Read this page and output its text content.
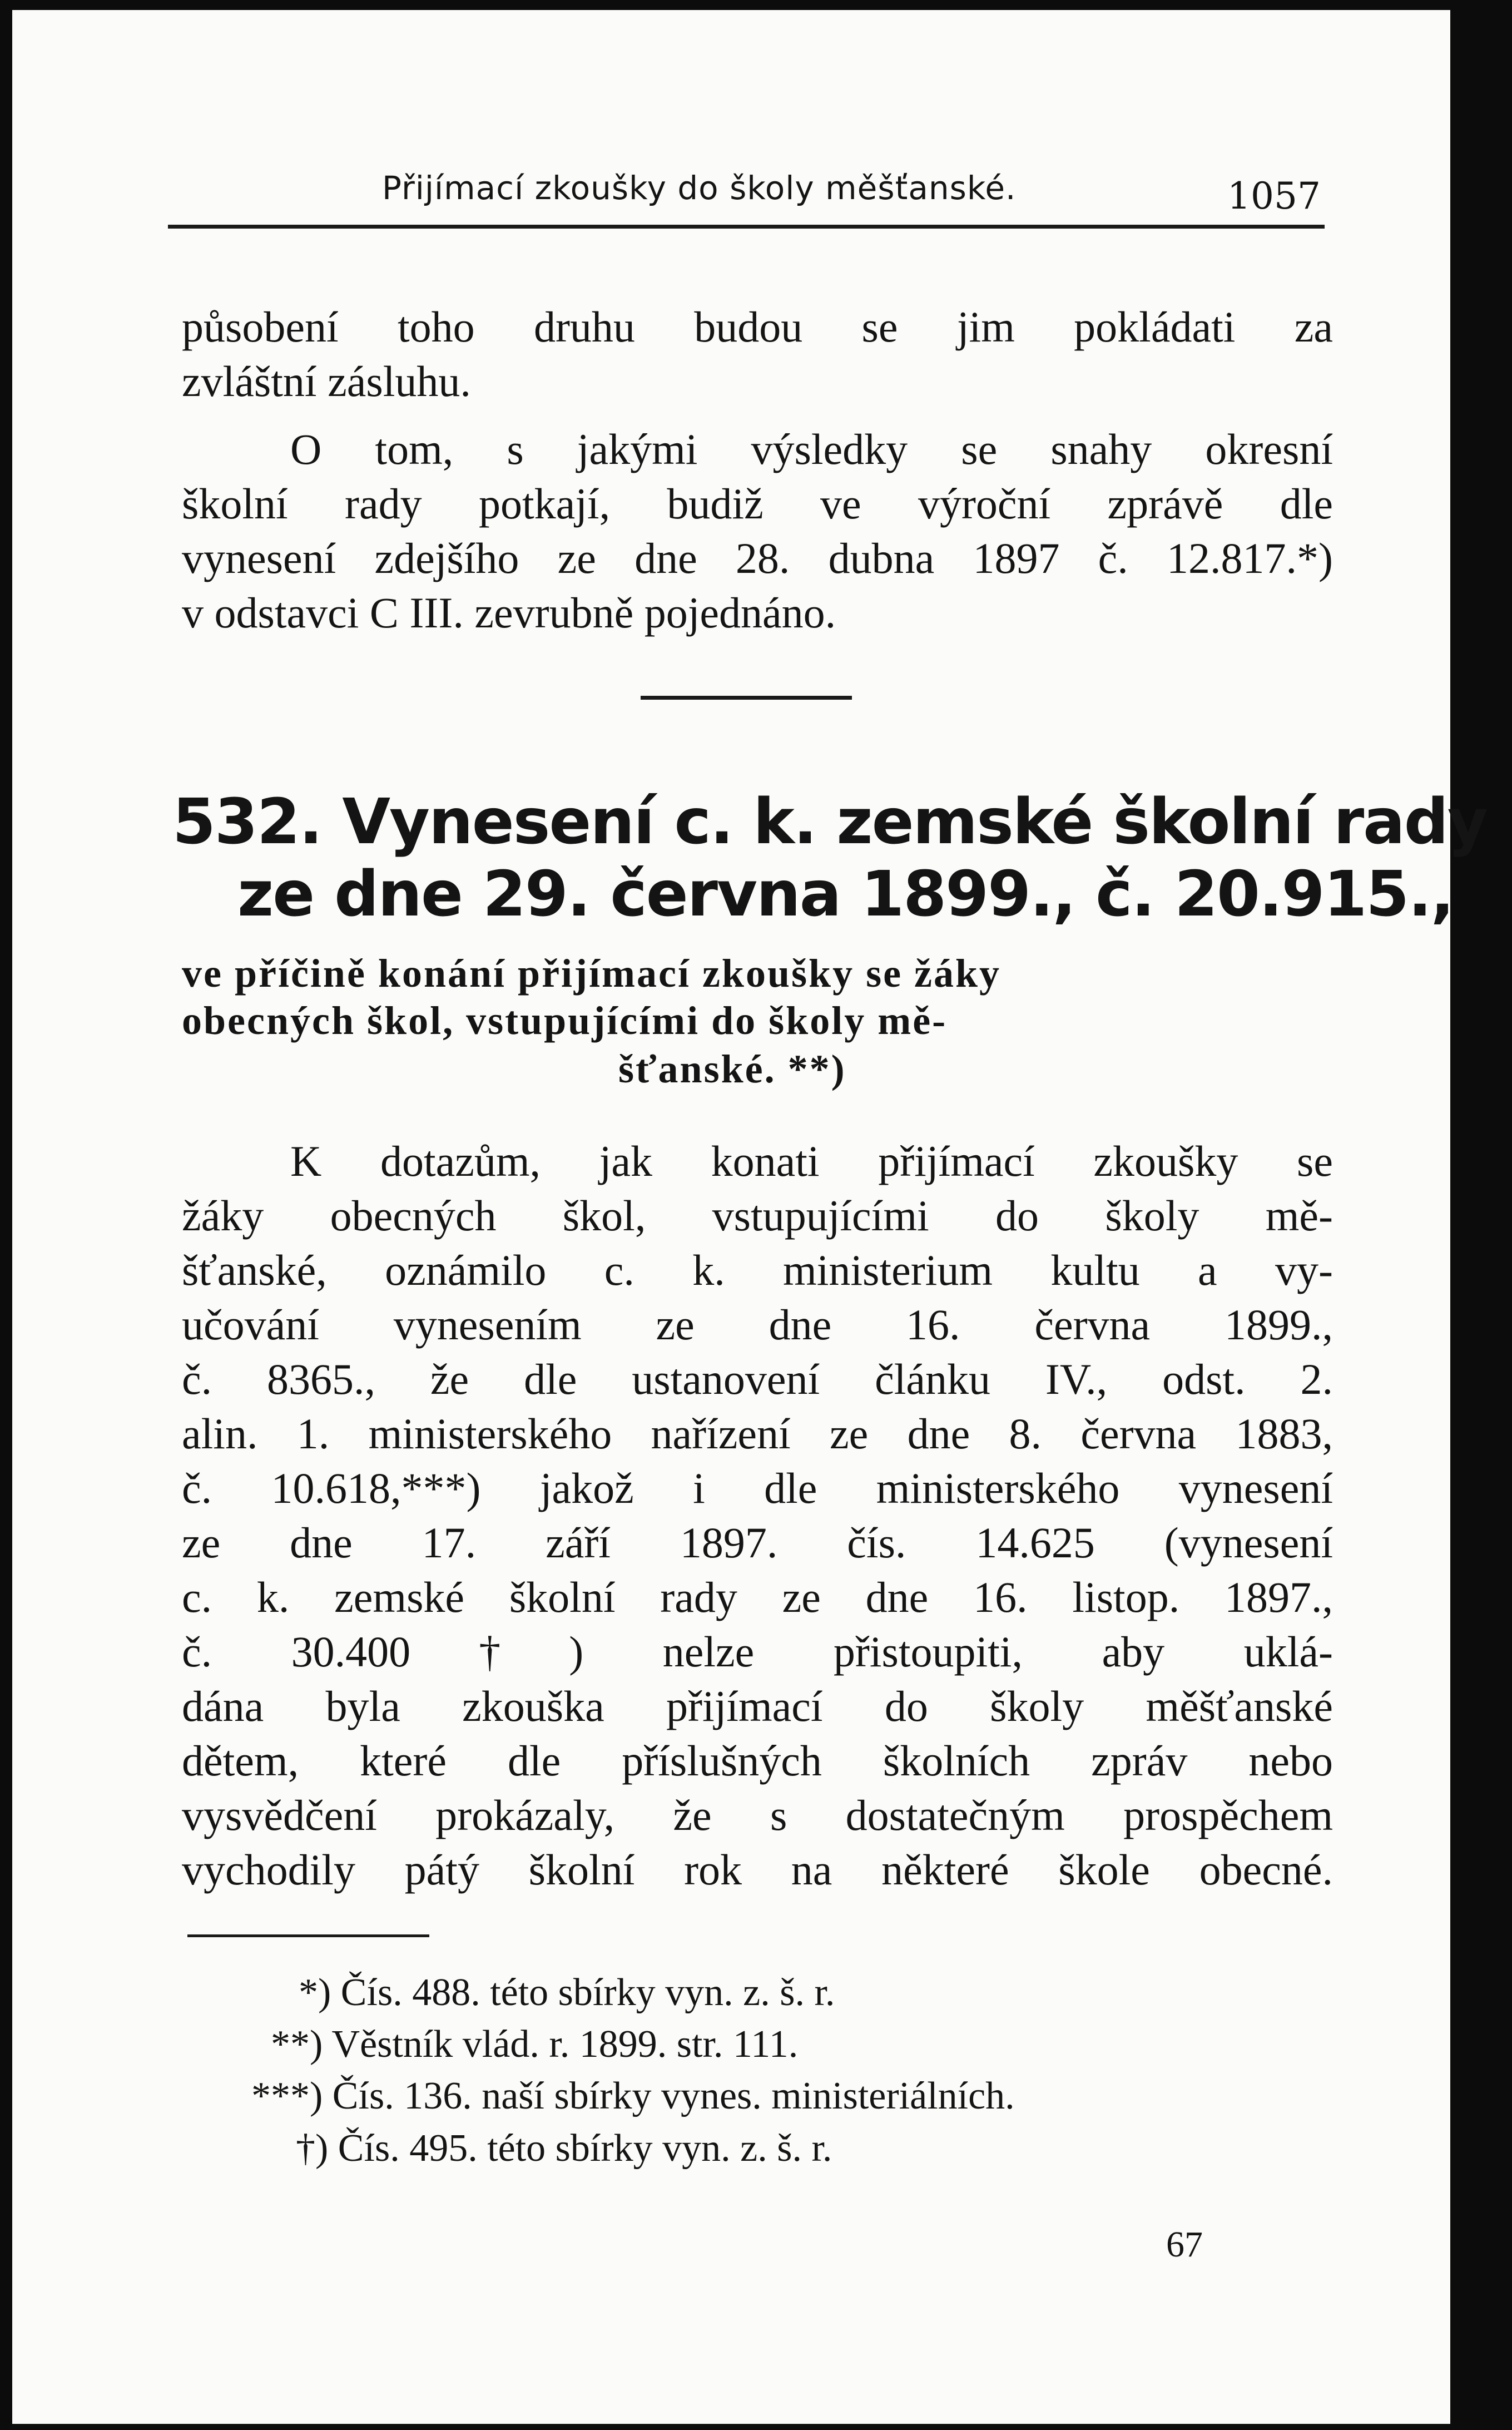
Přijímací zkoušky do školy měšťanské.	1057
působení toho druhu budou se jim pokládati za
zvláštní zásluhu.
O tom, s jakými výsledky se snahy okresní
školní rady potkají, budiž ve výroční zprávě dle
vynesení zdejšího ze dne 28. dubna 1897 č. 12.817.*)
v odstavci C III. zevrubně pojednáno.
532. Vynesení c. k. zemské školní rady
ze dne 29. června 1899., č. 20.915.,
ve příčině konání přijímací zkoušky se žáky
obecných škol, vstupujícími do školy mě-
šťanské. **)
K dotazům, jak konati přijímací zkoušky se
žáky obecných škol, vstupujícími do školy mě-
šťanské, oznámilo c. k. ministerium kultu a vy-
učování vynesením ze dne 16. června 1899.,
č. 8365., že dle ustanovení článku IV., odst. 2.
alin. 1. ministerského nařízení ze dne 8. června 1883,
č. 10.618,***) jakož i dle ministerského vynesení
ze dne 17. září 1897. čís. 14.625 (vynesení
c. k. zemské školní rady ze dne 16. listop. 1897.,
č. 30.400†) nelze přistoupiti, aby uklá-
dána byla zkouška přijímací do školy měšťanské
dětem, které dle příslušných školních zpráv nebo
vysvědčení prokázaly, že s dostatečným prospěchem
vychodily pátý školní rok na některé škole obecné.
*) Čís. 488. této sbírky vyn. z. š. r.
**) Věstník vlád. r. 1899. str. 111.
***) Čís. 136. naší sbírky vynes. ministeriálních.
†) Čís. 495. této sbírky vyn. z. š. r.
67
